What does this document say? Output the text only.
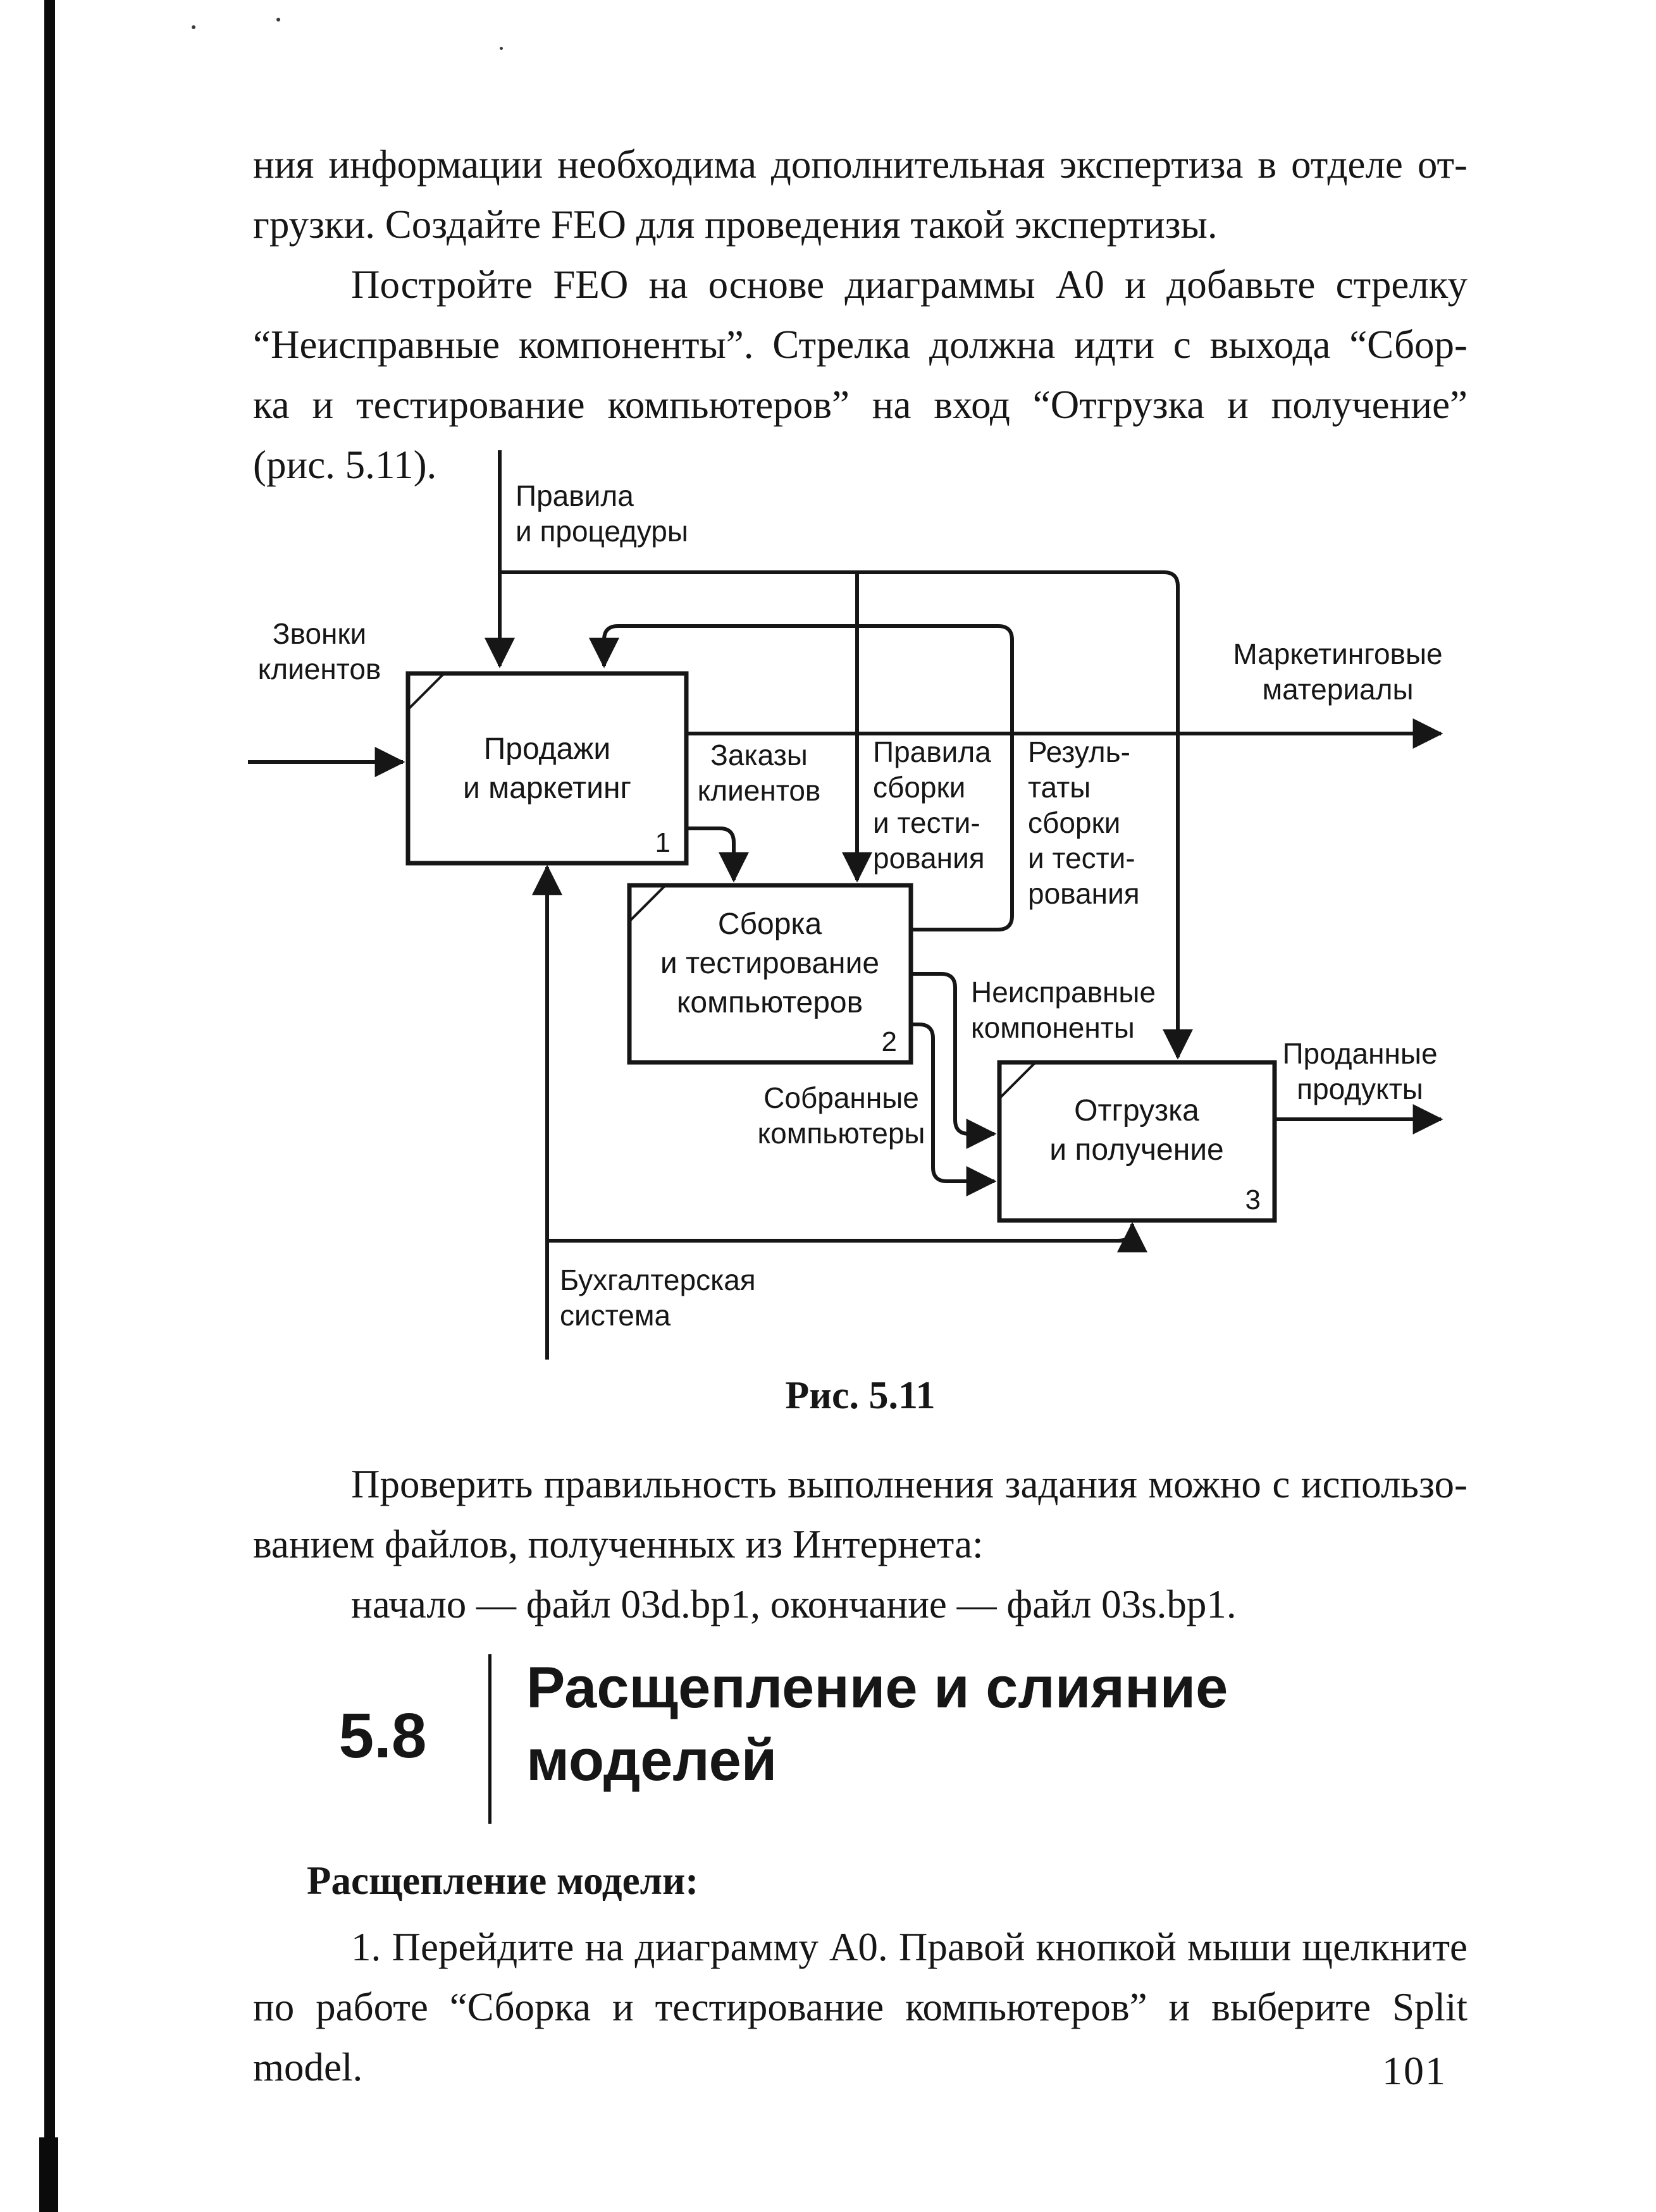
ния информации необходима дополнительная экспертиза в отделе от-
грузки. Создайте FEO для проведения такой экспертизы.
Постройте FEO на основе диаграммы А0 и добавьте стрелку
“Неисправные компоненты”. Стрелка должна идти с выхода “Сбор-
ка и тестирование компьютеров” на вход “Отгрузка и получение”
(рис. 5.11).
Продажи
и маркетинг
1
Сборка
и тестирование
компьютеров
2
Отгрузка
и получение
3
Правила
и процедуры
Звонки
клиентов
Заказы
клиентов
Правила
сборки
и тести-
рования
Резуль-
таты
сборки
и тести-
рования
Маркетинговые
материалы
Неисправные
компоненты
Собранные
компьютеры
Проданные
продукты
Бухгалтерская
система
Рис. 5.11
Проверить правильность выполнения задания можно с использо-
ванием файлов, полученных из Интернета:
начало — файл 03d.bp1, окончание — файл 03s.bp1.
5.8
Расщепление и слияние
моделей
Расщепление модели:
1. Перейдите на диаграмму А0. Правой кнопкой мыши щелкните
по работе “Сборка и тестирование компьютеров” и выберите Split
model.	101
